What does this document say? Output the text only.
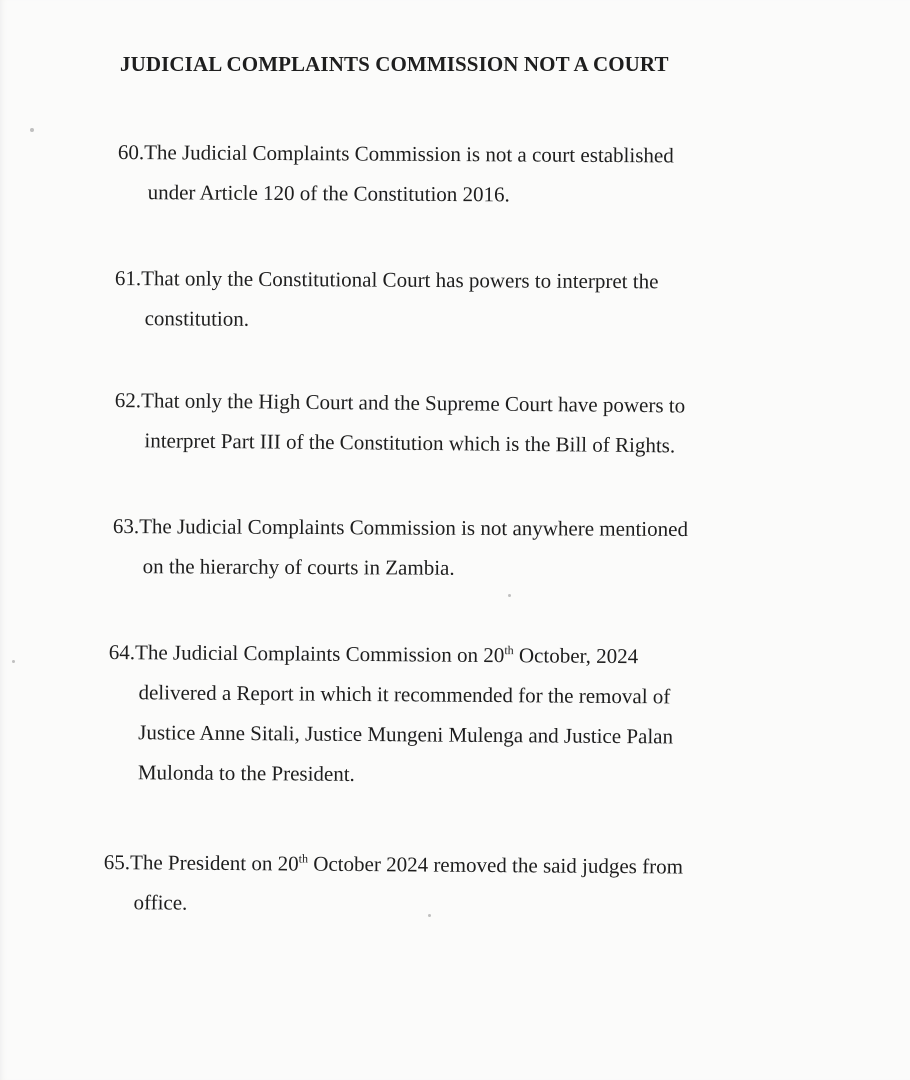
JUDICIAL COMPLAINTS COMMISSION NOT A COURT
60.The Judicial Complaints Commission is not a court established
under Article 120 of the Constitution 2016.
61.That only the Constitutional Court has powers to interpret the
constitution.
62.That only the High Court and the Supreme Court have powers to
interpret Part III of the Constitution which is the Bill of Rights.
63.The Judicial Complaints Commission is not anywhere mentioned
on the hierarchy of courts in Zambia.
64.The Judicial Complaints Commission on 20th October, 2024
delivered a Report in which it recommended for the removal of
Justice Anne Sitali, Justice Mungeni Mulenga and Justice Palan
Mulonda to the President.
65.The President on 20th October 2024 removed the said judges from
office.
